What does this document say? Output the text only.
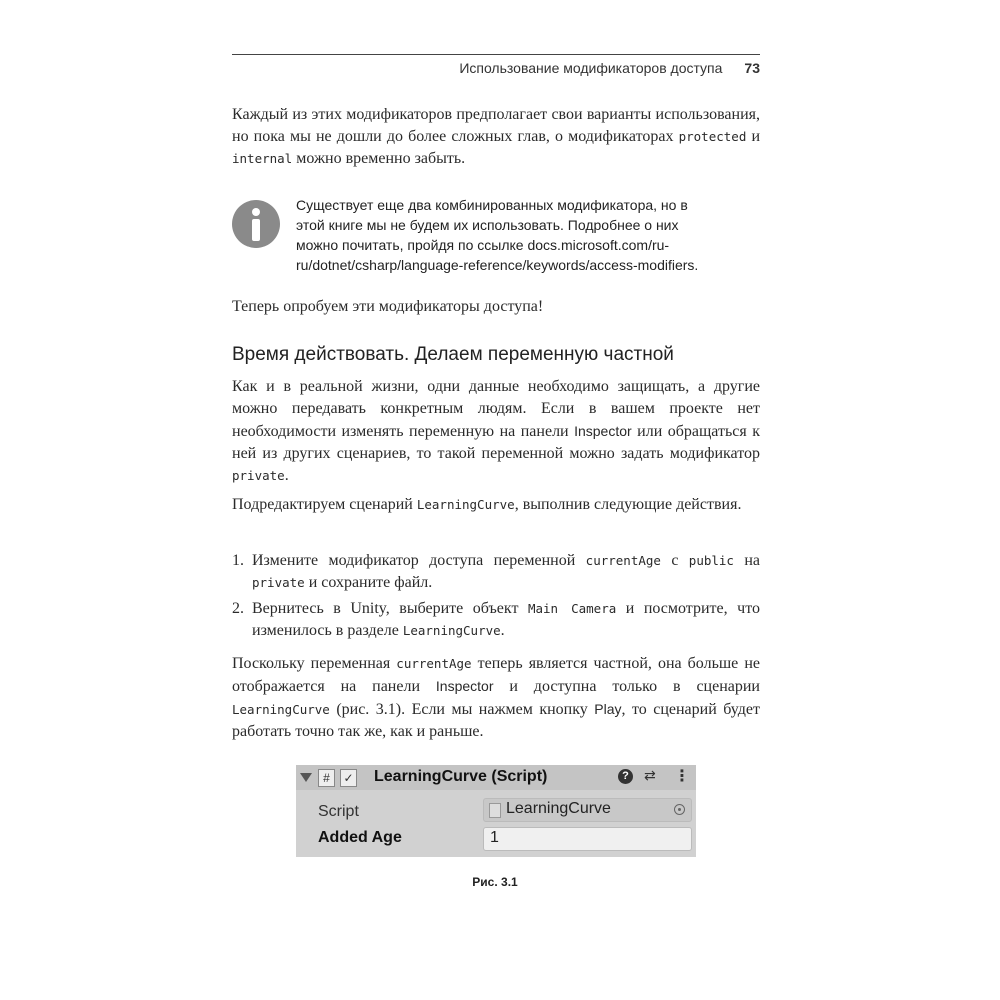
Использование модификаторов доступа 73
Каждый из этих модификаторов предполагает свои варианты использования, но пока мы не дошли до более сложных глав, о модификаторах protected и internal можно временно забыть.
Существует еще два комбинированных модификатора, но в этой книге мы не будем их использовать. Подробнее о них можно почитать, пройдя по ссылке docs.microsoft.com/ru-ru/dotnet/csharp/language-reference/keywords/access-modifiers.
Теперь опробуем эти модификаторы доступа!
Время действовать. Делаем переменную частной
Как и в реальной жизни, одни данные необходимо защищать, а другие можно передавать конкретным людям. Если в вашем проекте нет необходимости изменять переменную на панели Inspector или обращаться к ней из других сценариев, то такой переменной можно задать модификатор private.
Подредактируем сценарий LearningCurve, выполнив следующие действия.
1. Измените модификатор доступа переменной currentAge с public на private и сохраните файл.
2. Вернитесь в Unity, выберите объект Main Camera и посмотрите, что изменилось в разделе LearningCurve.
Поскольку переменная currentAge теперь является частной, она больше не отображается на панели Inspector и доступна только в сценарии LearningCurve (рис. 3.1). Если мы нажмем кнопку Play, то сценарий будет работать точно так же, как и раньше.
#	✓ LearningCurve (Script)	? ⇄ ⋮
Script	LearningCurve
Added Age	1
Рис. 3.1
